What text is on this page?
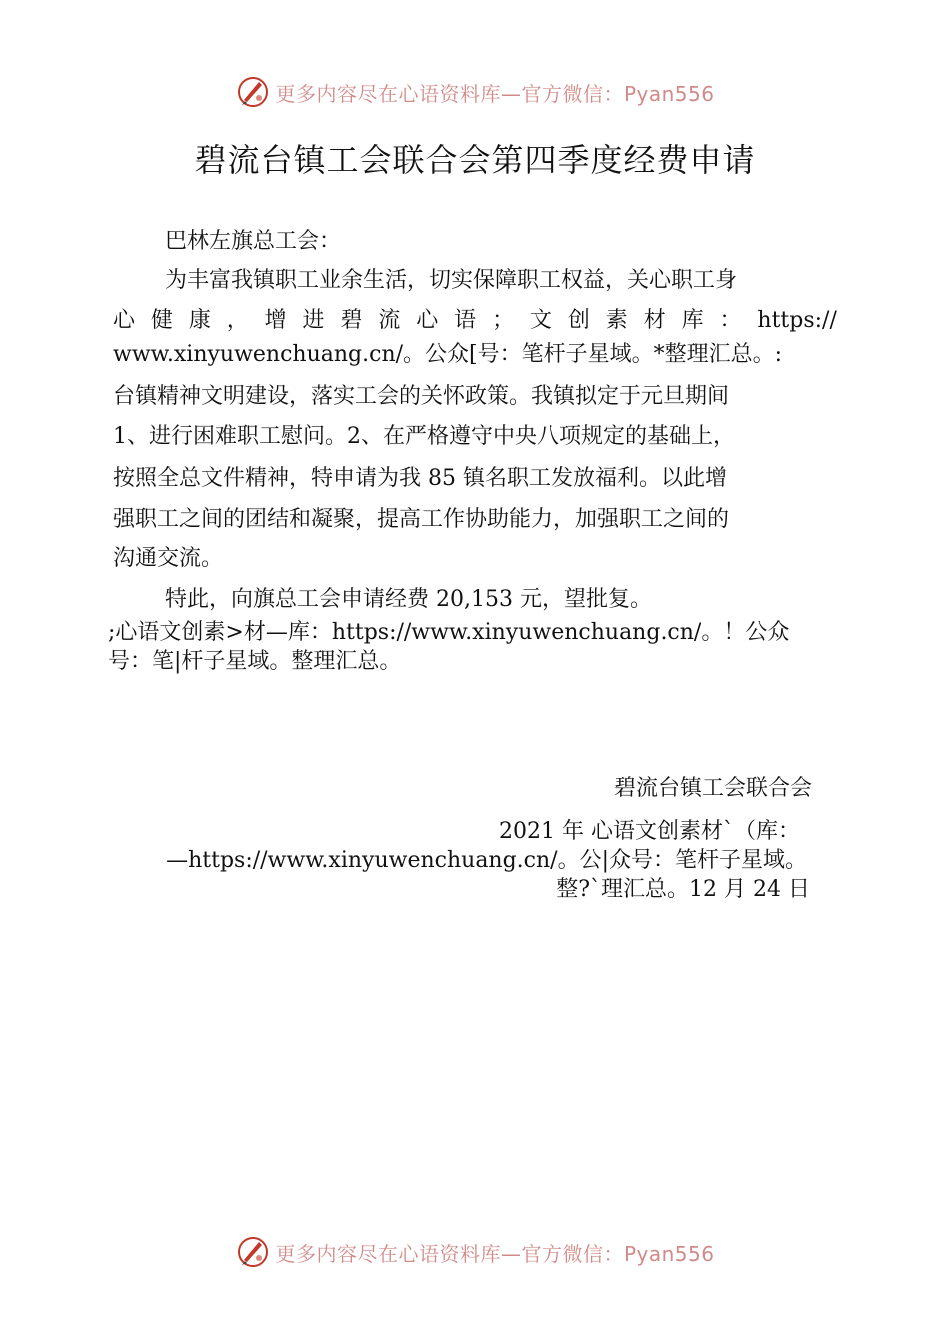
更多内容尽在心语资料库—官方微信：Pyan556
碧流台镇工会联合会第四季度经费申请
巴林左旗总工会：
为丰富我镇职工业余生活，切实保障职工权益，关心职工身
心 健 康 ， 增 进 碧 流 心 语 ； 文 创 素 材 库 ： https://
www.xinyuwenchuang.cn/。公众[号：笔杆子星域。*整理汇总。:
台镇精神文明建设，落实工会的关怀政策。我镇拟定于元旦期间
1、进行困难职工慰问。2、在严格遵守中央八项规定的基础上，
按照全总文件精神，特申请为我 85 镇名职工发放福利。以此增
强职工之间的团结和凝聚，提高工作协助能力，加强职工之间的
沟通交流。
特此，向旗总工会申请经费 20,153 元，望批复。
;心语文创素>材—库：https://www.xinyuwenchuang.cn/。！公众
号：笔|杆子星域。整理汇总。
碧流台镇工会联合会
2021 年 心语文创素材`（库：
—https://www.xinyuwenchuang.cn/。公|众号：笔杆子星域。
整?`理汇总。12 月 24 日
更多内容尽在心语资料库—官方微信：Pyan556
